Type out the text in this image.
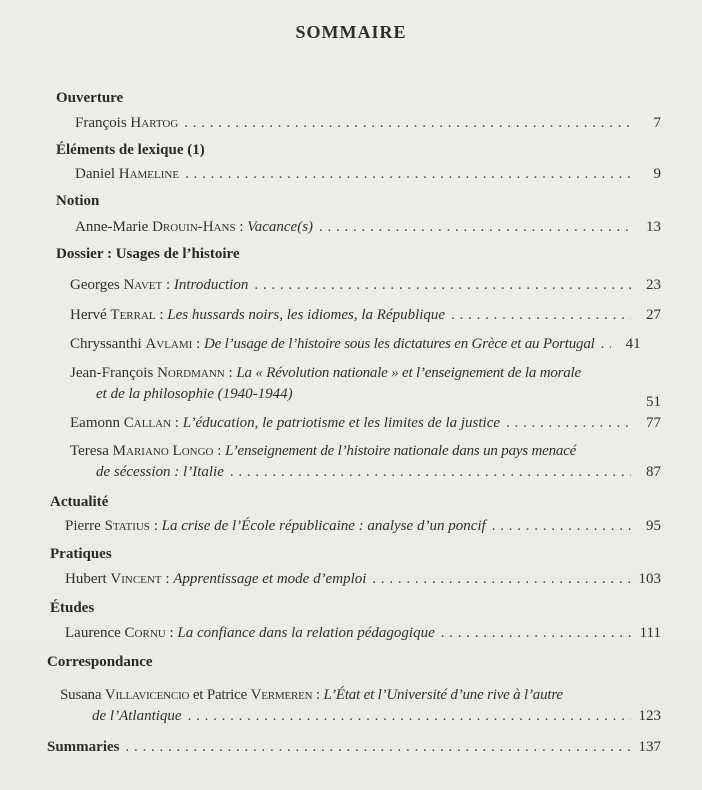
SOMMAIRE
Ouverture
François Hartog . . .	7
Éléments de lexique (1)
Daniel Hameline . . .	9
Notion
Anne-Marie Drouin-Hans : Vacance(s) . . .	13
Dossier : Usages de l’histoire
Georges Navet : Introduction . . .	23
Hervé Terral : Les hussards noirs, les idiomes, la République . . .	27
Chryssanthi Avlami : De l’usage de l’histoire sous les dictatures en Grèce et au Portugal . . .	41
Jean-François Nordmann : La « Révolution nationale » et l’enseignement de la morale
et de la philosophie (1940-1944)	51
Eamonn Callan : L’éducation, le patriotisme et les limites de la justice . . .	77
Teresa Mariano Longo : L’enseignement de l’histoire nationale dans un pays menacé
de sécession : l’Italie . . .	87
Actualité
Pierre Statius : La crise de l’École républicaine : analyse d’un poncif . . .	95
Pratiques
Hubert Vincent : Apprentissage et mode d’emploi . . .	103
Études
Laurence Cornu : La confiance dans la relation pédagogique . . .	111
Correspondance
Susana Villavicencio et Patrice Vermeren : L’État et l’Université d’une rive à l’autre
de l’Atlantique . . .	123
Summaries . . .	137
